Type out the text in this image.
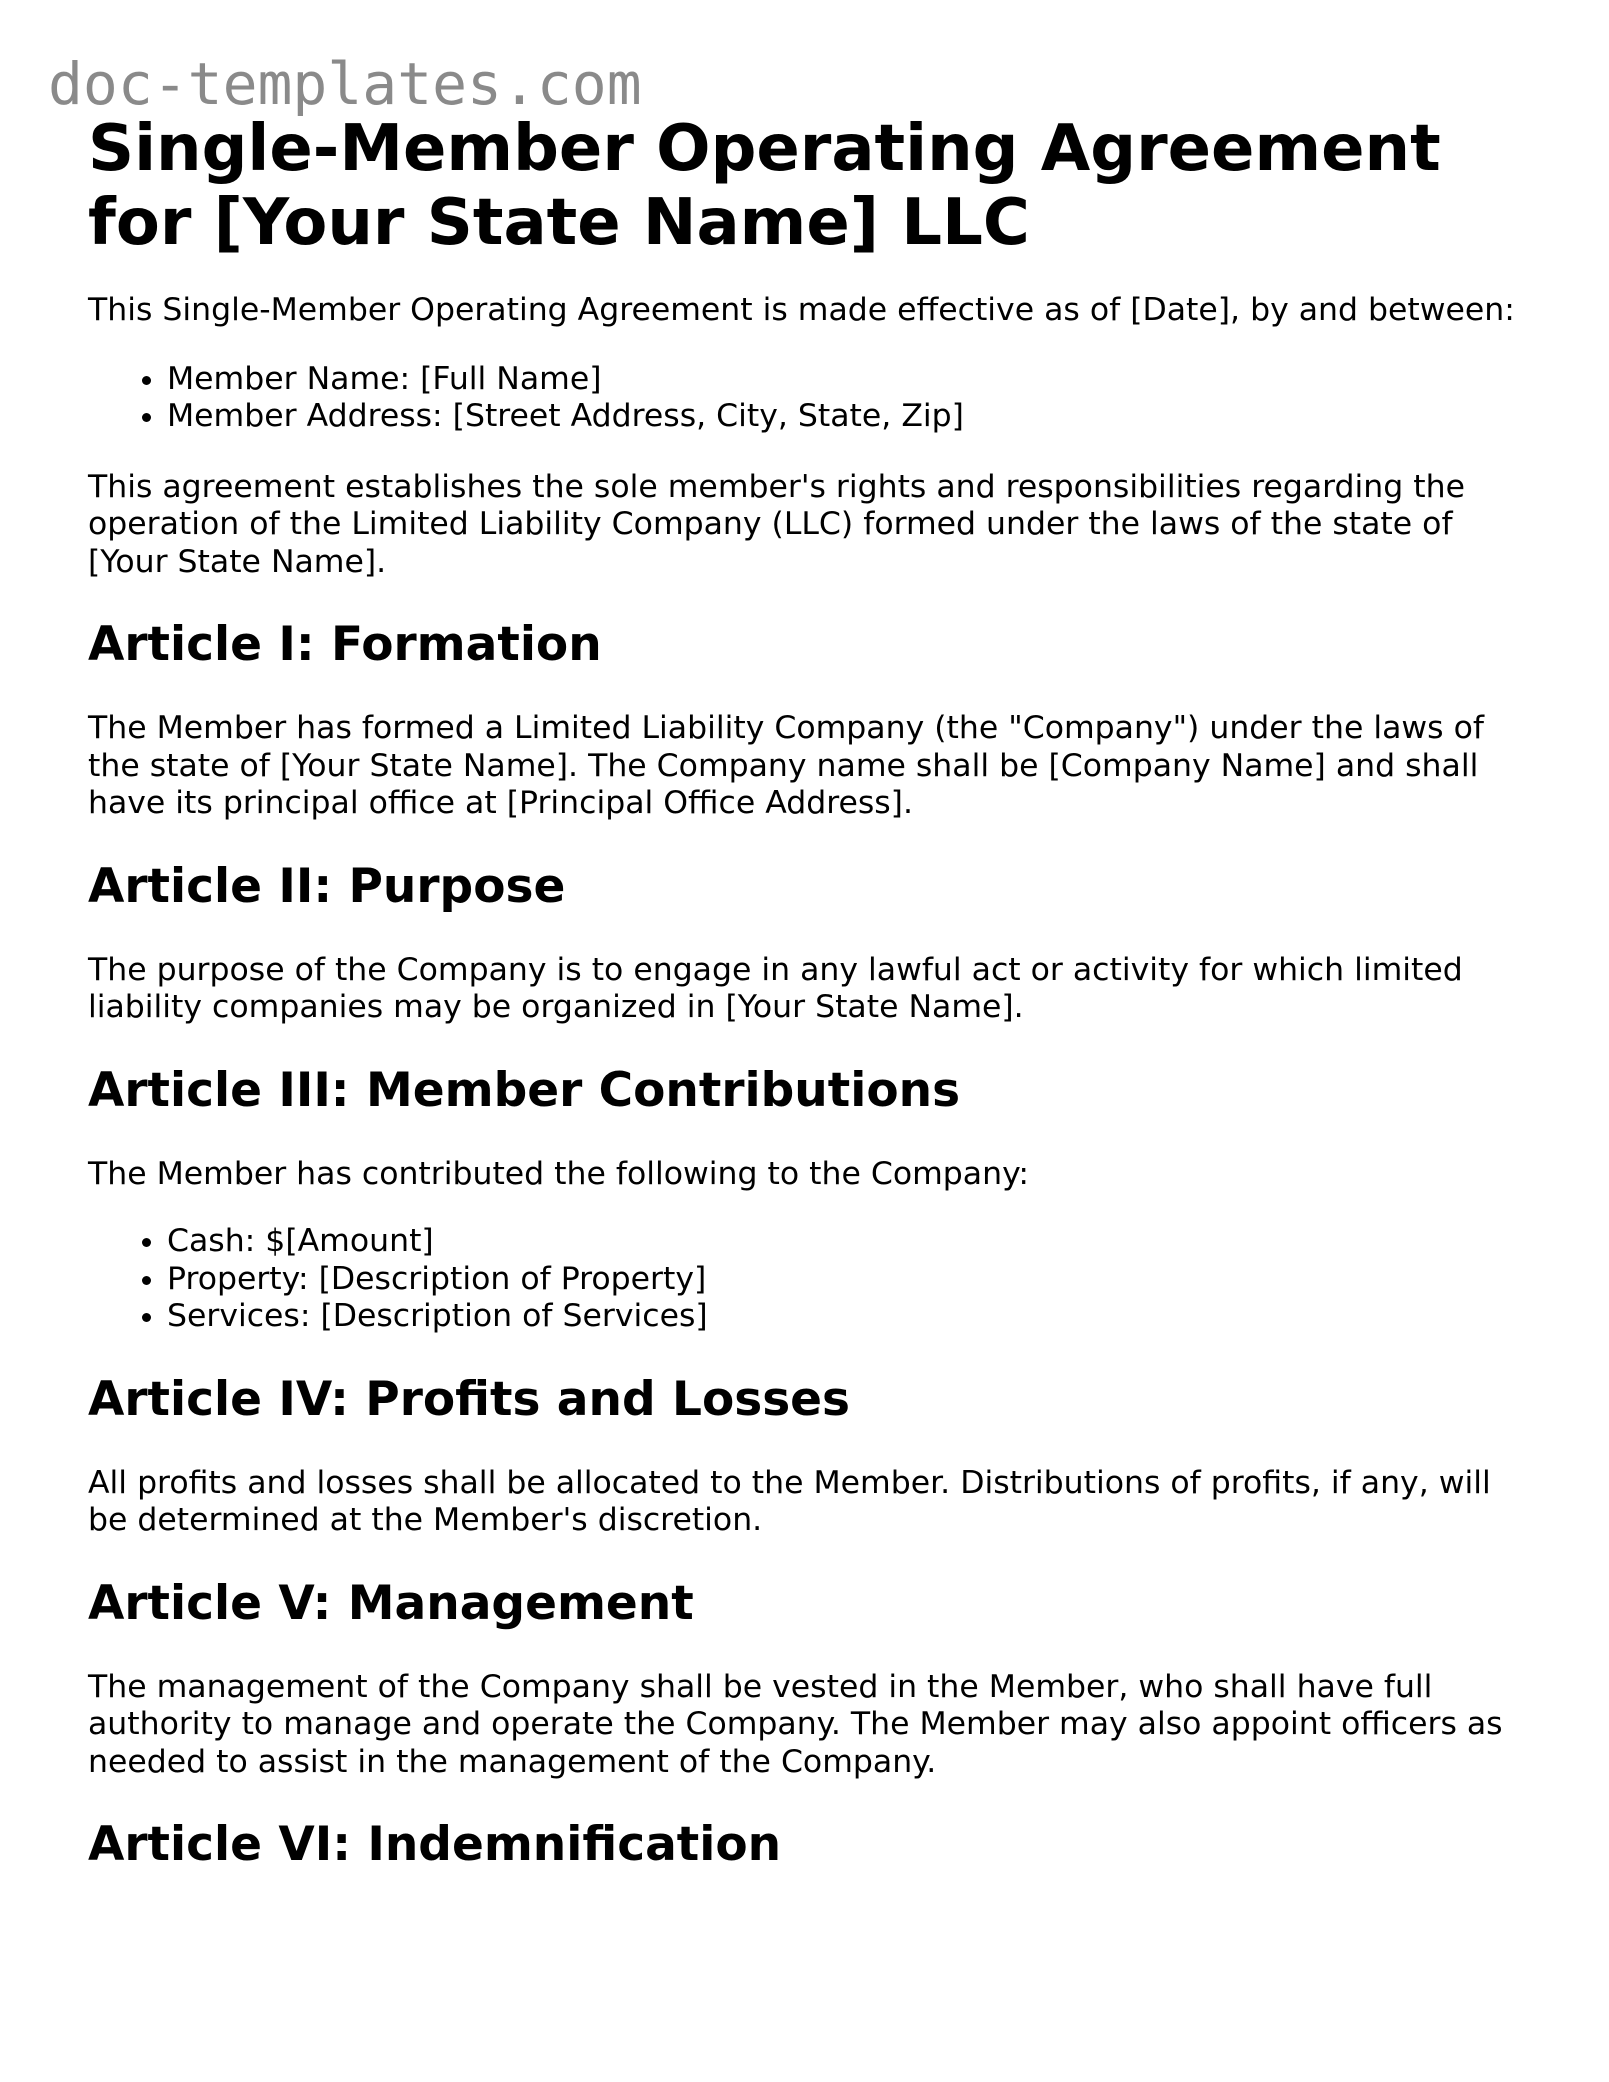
doc-templates.com
Single-Member Operating Agreement for [Your State Name] LLC

This Single-Member Operating Agreement is made effective as of [Date], by and between:

• Member Name: [Full Name]
• Member Address: [Street Address, City, State, Zip]

This agreement establishes the sole member's rights and responsibilities regarding the operation of the Limited Liability Company (LLC) formed under the laws of the state of [Your State Name].

Article I: Formation

The Member has formed a Limited Liability Company (the "Company") under the laws of the state of [Your State Name]. The Company name shall be [Company Name] and shall have its principal office at [Principal Office Address].

Article II: Purpose

The purpose of the Company is to engage in any lawful act or activity for which limited liability companies may be organized in [Your State Name].

Article III: Member Contributions

The Member has contributed the following to the Company:

• Cash: $[Amount]
• Property: [Description of Property]
• Services: [Description of Services]
Article IV: Profits and Losses

All profits and losses shall be allocated to the Member. Distributions of profits, if any, will be determined at the Member's discretion.

Article V: Management

The management of the Company shall be vested in the Member, who shall have full authority to manage and operate the Company. The Member may also appoint officers as needed to assist in the management of the Company.

Article VI: Indemnification
